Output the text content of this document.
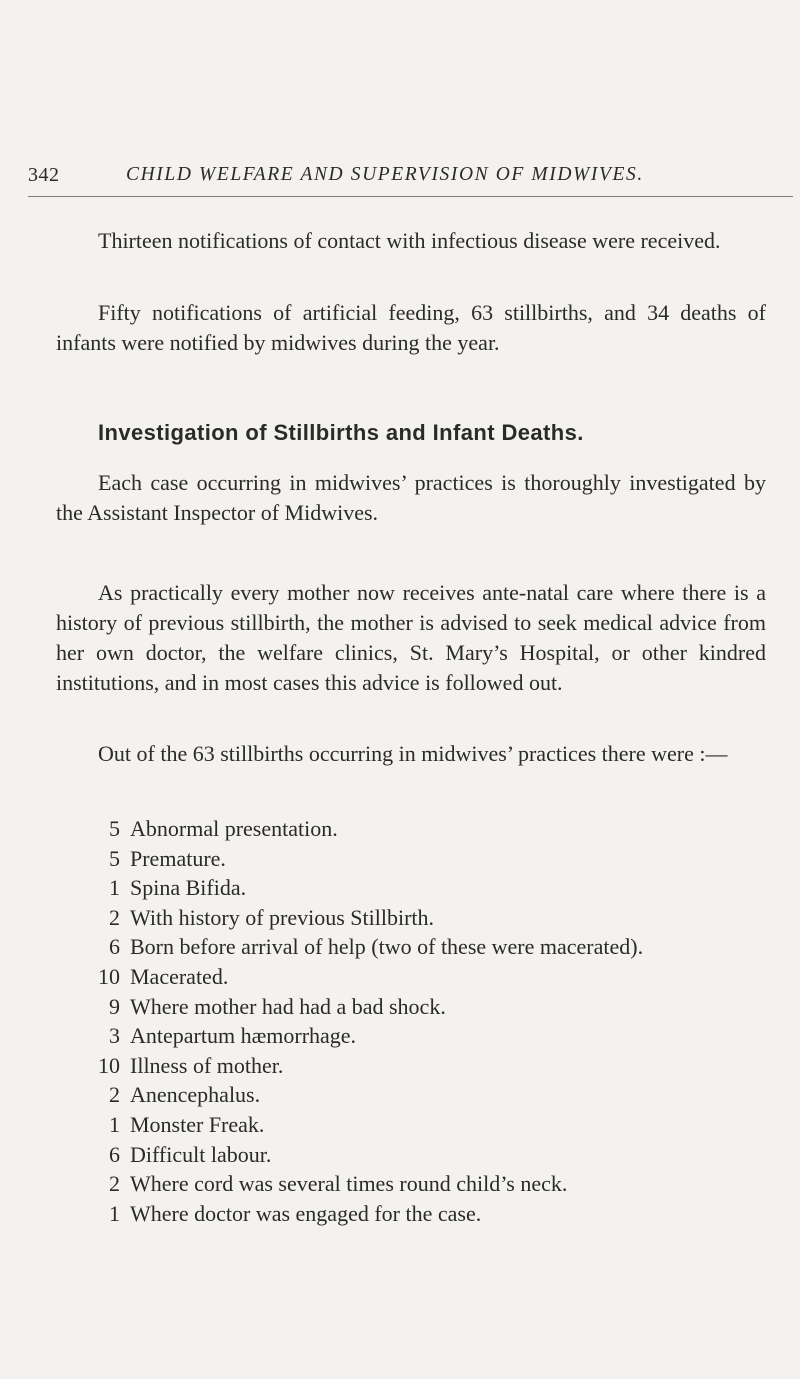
342	CHILD WELFARE AND SUPERVISION OF MIDWIVES.

Thirteen notifications of contact with infectious disease were received.

Fifty notifications of artificial feeding, 63 stillbirths, and 34 deaths of infants were notified by midwives during the year.

Investigation of Stillbirths and Infant Deaths.

Each case occurring in midwives’ practices is thoroughly investigated by the Assistant Inspector of Midwives.

As practically every mother now receives ante-natal care where there is a history of previous stillbirth, the mother is advised to seek medical advice from her own doctor, the welfare clinics, St. Mary’s Hospital, or other kindred institutions, and in most cases this advice is followed out.

Out of the 63 stillbirths occurring in midwives’ practices there were :—

5 Abnormal presentation.
5 Premature.
1 Spina Bifida.
2 With history of previous Stillbirth.
6 Born before arrival of help (two of these were macerated).
10 Macerated.
9 Where mother had had a bad shock.
3 Antepartum hæmorrhage.
10 Illness of mother.
2 Anencephalus.
1 Monster Freak.
6 Difficult labour.
2 Where cord was several times round child’s neck.
1 Where doctor was engaged for the case.
